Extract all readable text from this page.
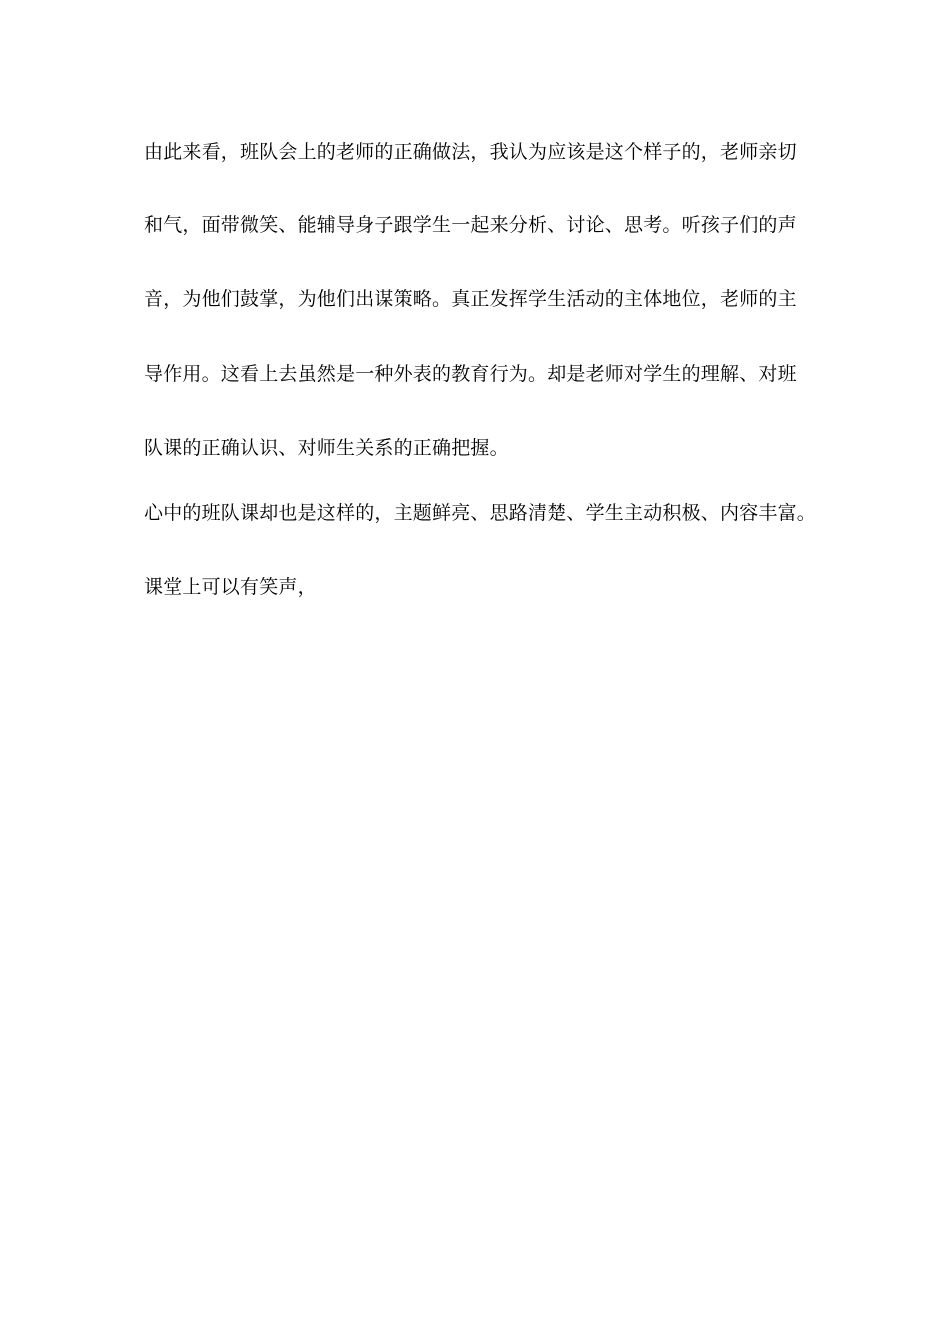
由此来看，班队会上的老师的正确做法，我认为应该是这个样子的，老师亲切
和气，面带微笑、能辅导身子跟学生一起来分析、讨论、思考。听孩子们的声
音，为他们鼓掌，为他们出谋策略。真正发挥学生活动的主体地位，老师的主
导作用。这看上去虽然是一种外表的教育行为。却是老师对学生的理解、对班
队课的正确认识、对师生关系的正确把握。
心中的班队课却也是这样的，主题鲜亮、思路清楚、学生主动积极、内容丰富。
课堂上可以有笑声，
